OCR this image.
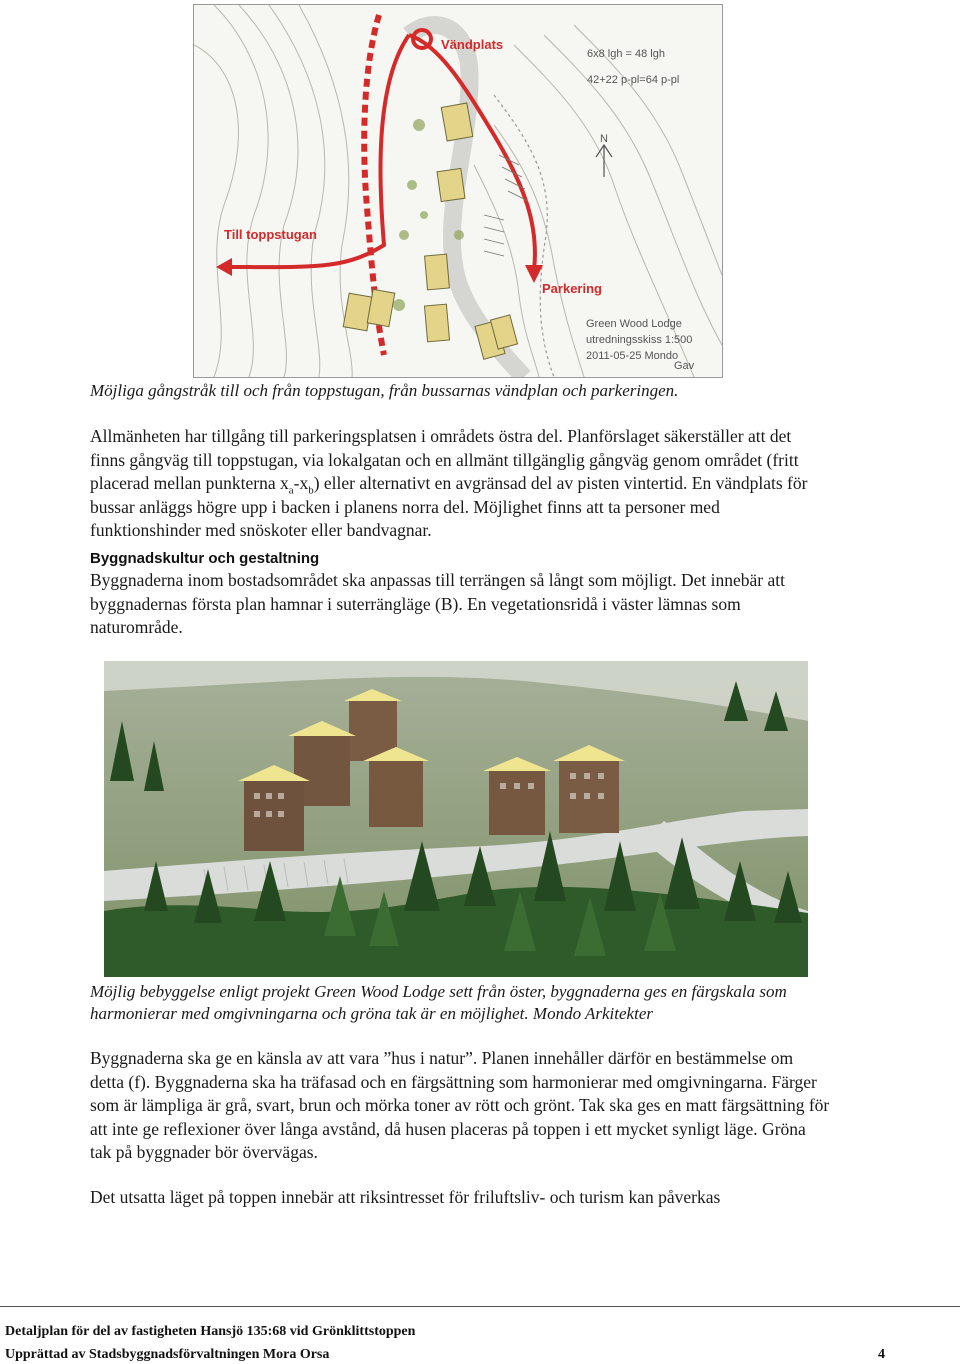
N
Vändplats
Till toppstugan
Parkering
6x8 lgh = 48 lgh
42+22 p-pl=64 p-pl
Green Wood Lodge
utredningsskiss 1:500
2011-05-25 Mondo
Gav

Möjliga gångstråk till och från toppstugan, från bussarnas vändplan och parkeringen.

Allmänheten har tillgång till parkeringsplatsen i områdets östra del. Planförslaget säkerställer att det finns gångväg till toppstugan, via lokalgatan och en allmänt tillgänglig gångväg genom området (fritt placerad mellan punkterna $x_a-x_b$) eller alternativt en avgränsad del av pisten vintertid. En vändplats för bussar anläggs högre upp i backen i planens norra del. Möjlighet finns att ta personer med funktionshinder med snöskoter eller bandvagnar.

Byggnadskultur och gestaltning

Byggnaderna inom bostadsområdet ska anpassas till terrängen så långt som möjligt. Det innebär att byggnadernas första plan hamnar i suterrängläge (B). En vegetationsridå i väster lämnas som naturområde.

Möjlig bebyggelse enligt projekt Green Wood Lodge sett från öster, byggnaderna ges en färgskala som harmonierar med omgivningarna och gröna tak är en möjlighet. Mondo Arkitekter

Byggnaderna ska ge en känsla av att vara ”hus i natur”. Planen innehåller därför en bestämmelse om detta (f). Byggnaderna ska ha träfasad och en färgsättning som harmonierar med omgivningarna. Färger som är lämpliga är grå, svart, brun och mörka toner av rött och grönt. Tak ska ges en matt färgsättning för att inte ge reflexioner över långa avstånd, då husen placeras på toppen i ett mycket synligt läge. Gröna tak på byggnader bör övervägas.

Det utsatta läget på toppen innebär att riksintresset för friluftsliv- och turism kan påverkas

Detaljplan för del av fastigheten Hansjö 135:68 vid Grönklittstoppen

Upprättad av Stadsbyggnadsförvaltningen Mora Orsa	4
